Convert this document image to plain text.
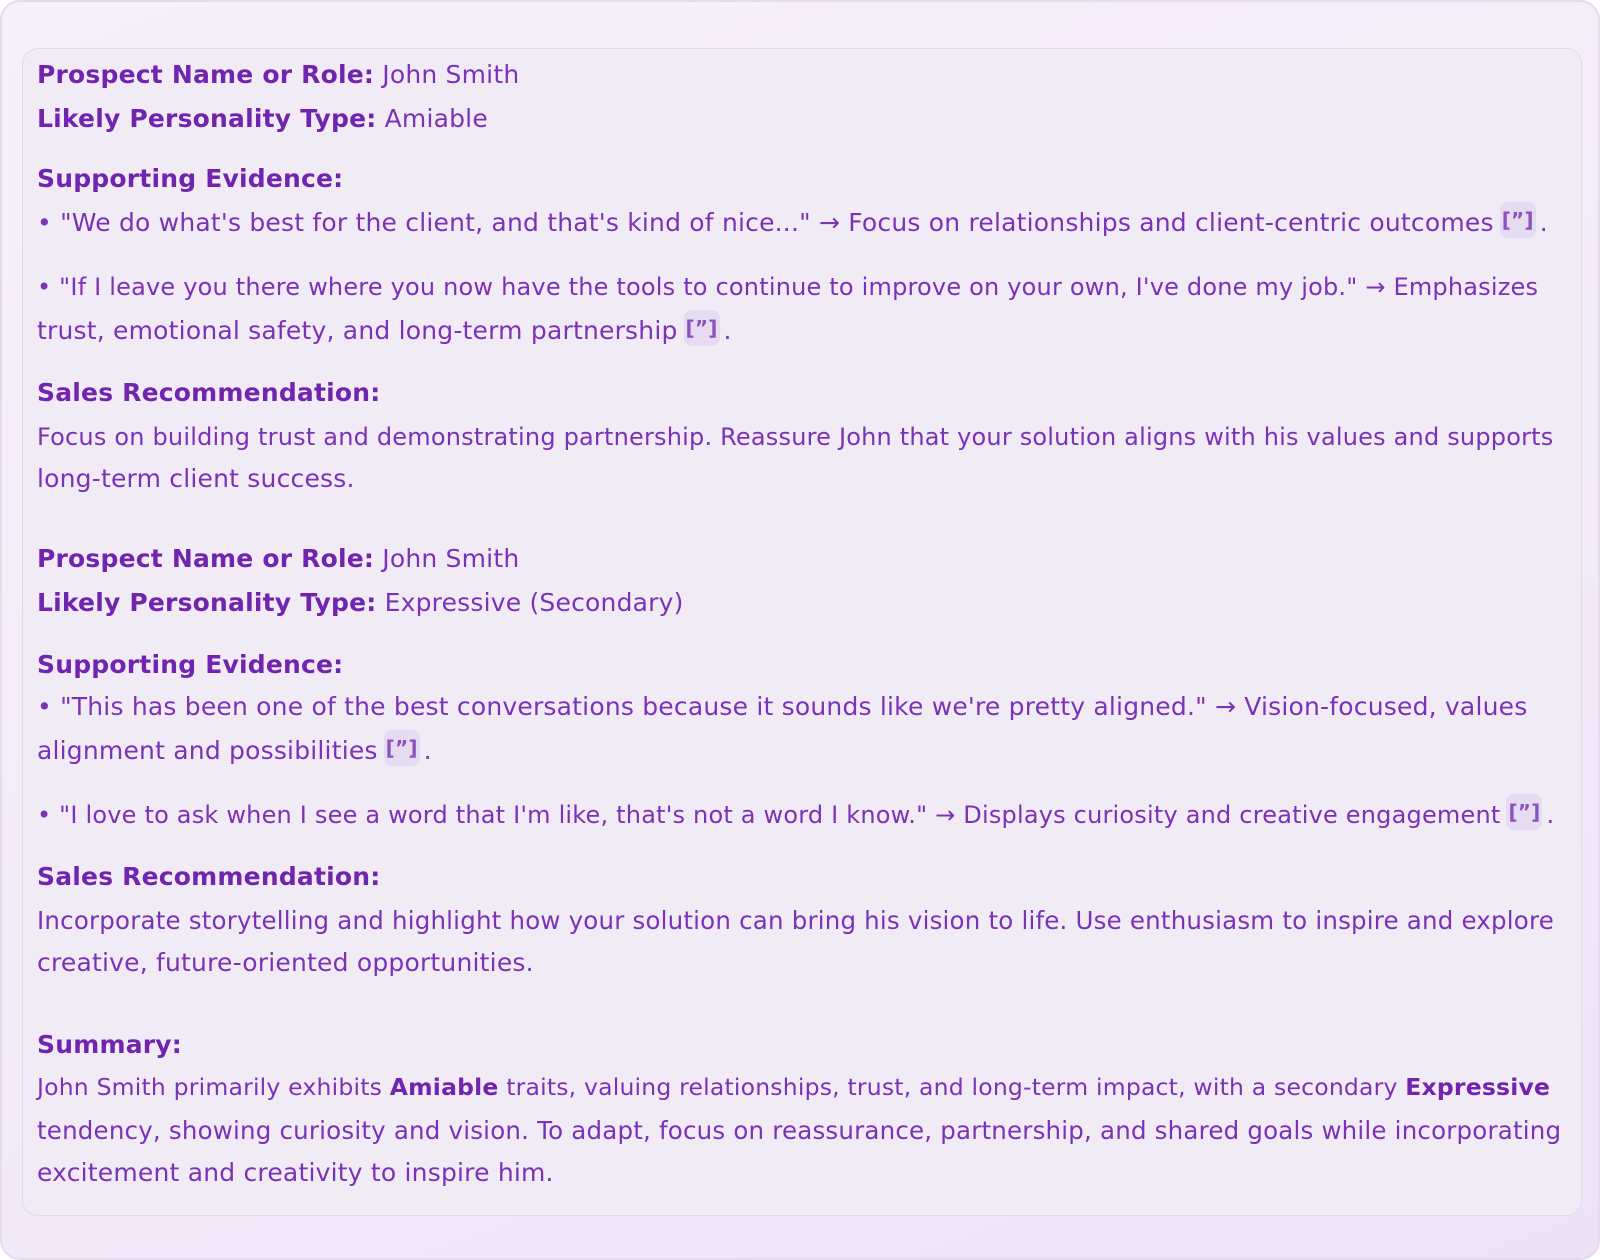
Prospect Name or Role: John Smith
Likely Personality Type: Amiable
Supporting Evidence:
• "We do what's best for the client, and that's kind of nice..." → Focus on relationships and client-centric outcomes [”] .
• "If I leave you there where you now have the tools to continue to improve on your own, I've done my job." → Emphasizes
trust, emotional safety, and long-term partnership [”] .
Sales Recommendation:
Focus on building trust and demonstrating partnership. Reassure John that your solution aligns with his values and supports
long-term client success.
Prospect Name or Role: John Smith
Likely Personality Type: Expressive (Secondary)
Supporting Evidence:
• "This has been one of the best conversations because it sounds like we're pretty aligned." → Vision-focused, values
alignment and possibilities [”] .
• "I love to ask when I see a word that I'm like, that's not a word I know." → Displays curiosity and creative engagement [”] .
Sales Recommendation:
Incorporate storytelling and highlight how your solution can bring his vision to life. Use enthusiasm to inspire and explore
creative, future-oriented opportunities.
Summary:
John Smith primarily exhibits Amiable traits, valuing relationships, trust, and long-term impact, with a secondary Expressive
tendency, showing curiosity and vision. To adapt, focus on reassurance, partnership, and shared goals while incorporating
excitement and creativity to inspire him.
